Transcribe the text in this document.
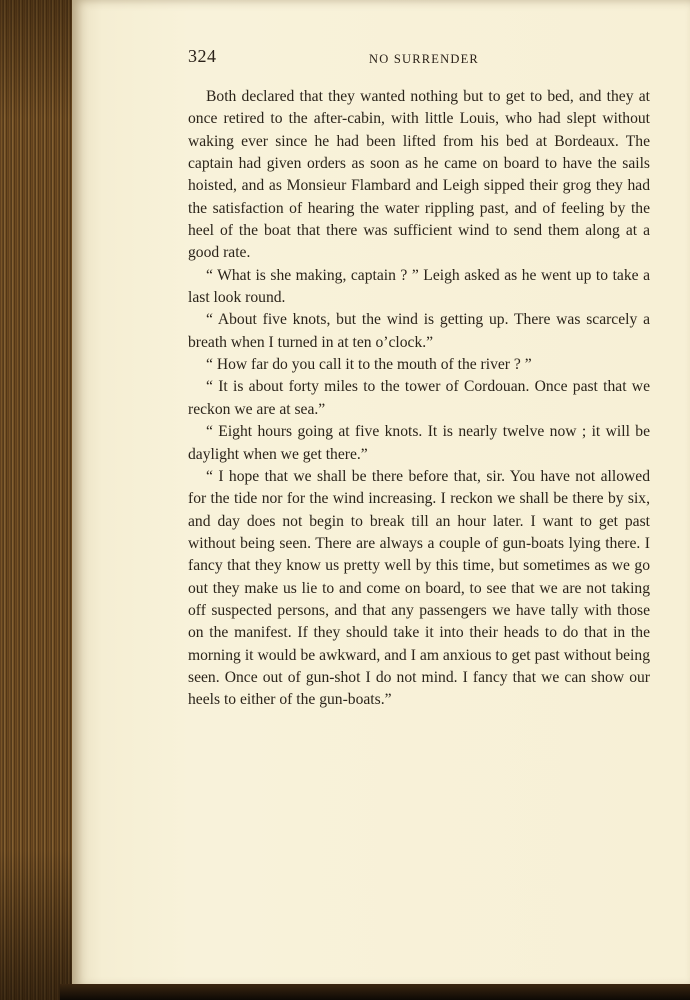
324	NO SURRENDER

Both declared that they wanted nothing but to get to bed, and they at once retired to the after-cabin, with little Louis, who had slept without waking ever since he had been lifted from his bed at Bordeaux. The captain had given orders as soon as he came on board to have the sails hoisted, and as Monsieur Flambard and Leigh sipped their grog they had the satisfaction of hearing the water rippling past, and of feeling by the heel of the boat that there was sufficient wind to send them along at a good rate.

“ What is she making, captain ? ” Leigh asked as he went up to take a last look round.

“ About five knots, but the wind is getting up. There was scarcely a breath when I turned in at ten o’clock.”

“ How far do you call it to the mouth of the river ? ”

“ It is about forty miles to the tower of Cordouan. Once past that we reckon we are at sea.”

“ Eight hours going at five knots. It is nearly twelve now ; it will be daylight when we get there.”

“ I hope that we shall be there before that, sir. You have not allowed for the tide nor for the wind increasing. I reckon we shall be there by six, and day does not begin to break till an hour later. I want to get past without being seen. There are always a couple of gun-boats lying there. I fancy that they know us pretty well by this time, but sometimes as we go out they make us lie to and come on board, to see that we are not taking off suspected persons, and that any passengers we have tally with those on the manifest. If they should take it into their heads to do that in the morning it would be awkward, and I am anxious to get past without being seen. Once out of gun-shot I do not mind. I fancy that we can show our heels to either of the gun-boats.”
